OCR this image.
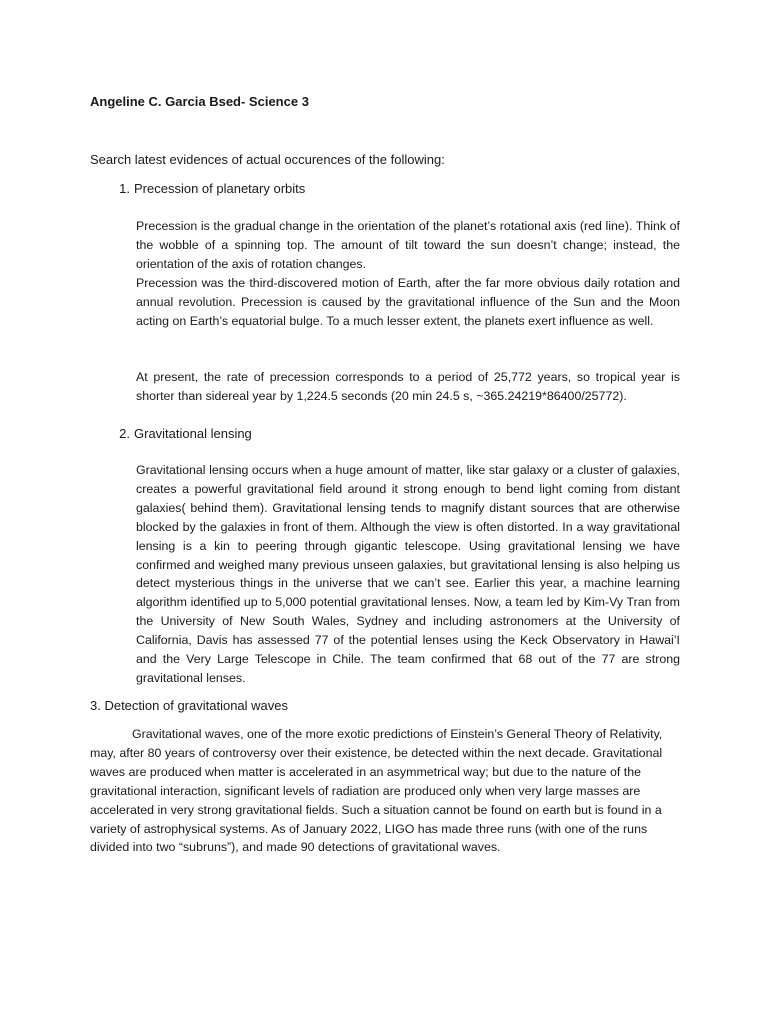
Angeline C. Garcia Bsed- Science 3
Search latest evidences of actual occurences of the following:
1. Precession of planetary orbits

Precession is the gradual change in the orientation of the planet’s rotational axis (red line). Think of the wobble of a spinning top. The amount of tilt toward the sun doesn’t change; instead, the orientation of the axis of rotation changes.

Precession was the third-discovered motion of Earth, after the far more obvious daily rotation and annual revolution. Precession is caused by the gravitational influence of the Sun and the Moon acting on Earth’s equatorial bulge. To a much lesser extent, the planets exert influence as well.

At present, the rate of precession corresponds to a period of 25,772 years, so tropical year is shorter than sidereal year by 1,224.5 seconds (20 min 24.5 s, ~365.24219*86400/25772).
2. Gravitational lensing
Gravitational lensing occurs when a huge amount of matter, like star galaxy or a cluster of galaxies, creates a powerful gravitational field around it strong enough to bend light coming from distant galaxies( behind them). Gravitational lensing tends to magnify distant sources that are otherwise blocked by the galaxies in front of them. Although the view is often distorted. In a way gravitational lensing is a kin to peering through gigantic telescope. Using gravitational lensing we have confirmed and weighed many previous unseen galaxies, but gravitational lensing is also helping us detect mysterious things in the universe that we can’t see. Earlier this year, a machine learning algorithm identified up to 5,000 potential gravitational lenses. Now, a team led by Kim-Vy Tran from the University of New South Wales, Sydney and including astronomers at the University of California, Davis has assessed 77 of the potential lenses using the Keck Observatory in Hawai’I and the Very Large Telescope in Chile. The team confirmed that 68 out of the 77 are strong gravitational lenses.
3. Detection of gravitational waves
Gravitational waves, one of the more exotic predictions of Einstein’s General Theory of Relativity, may, after 80 years of controversy over their existence, be detected within the next decade. Gravitational waves are produced when matter is accelerated in an asymmetrical way; but due to the nature of the gravitational interaction, significant levels of radiation are produced only when very large masses are accelerated in very strong gravitational fields. Such a situation cannot be found on earth but is found in a variety of astrophysical systems. As of January 2022, LIGO has made three runs (with one of the runs divided into two “subruns”), and made 90 detections of gravitational waves.
